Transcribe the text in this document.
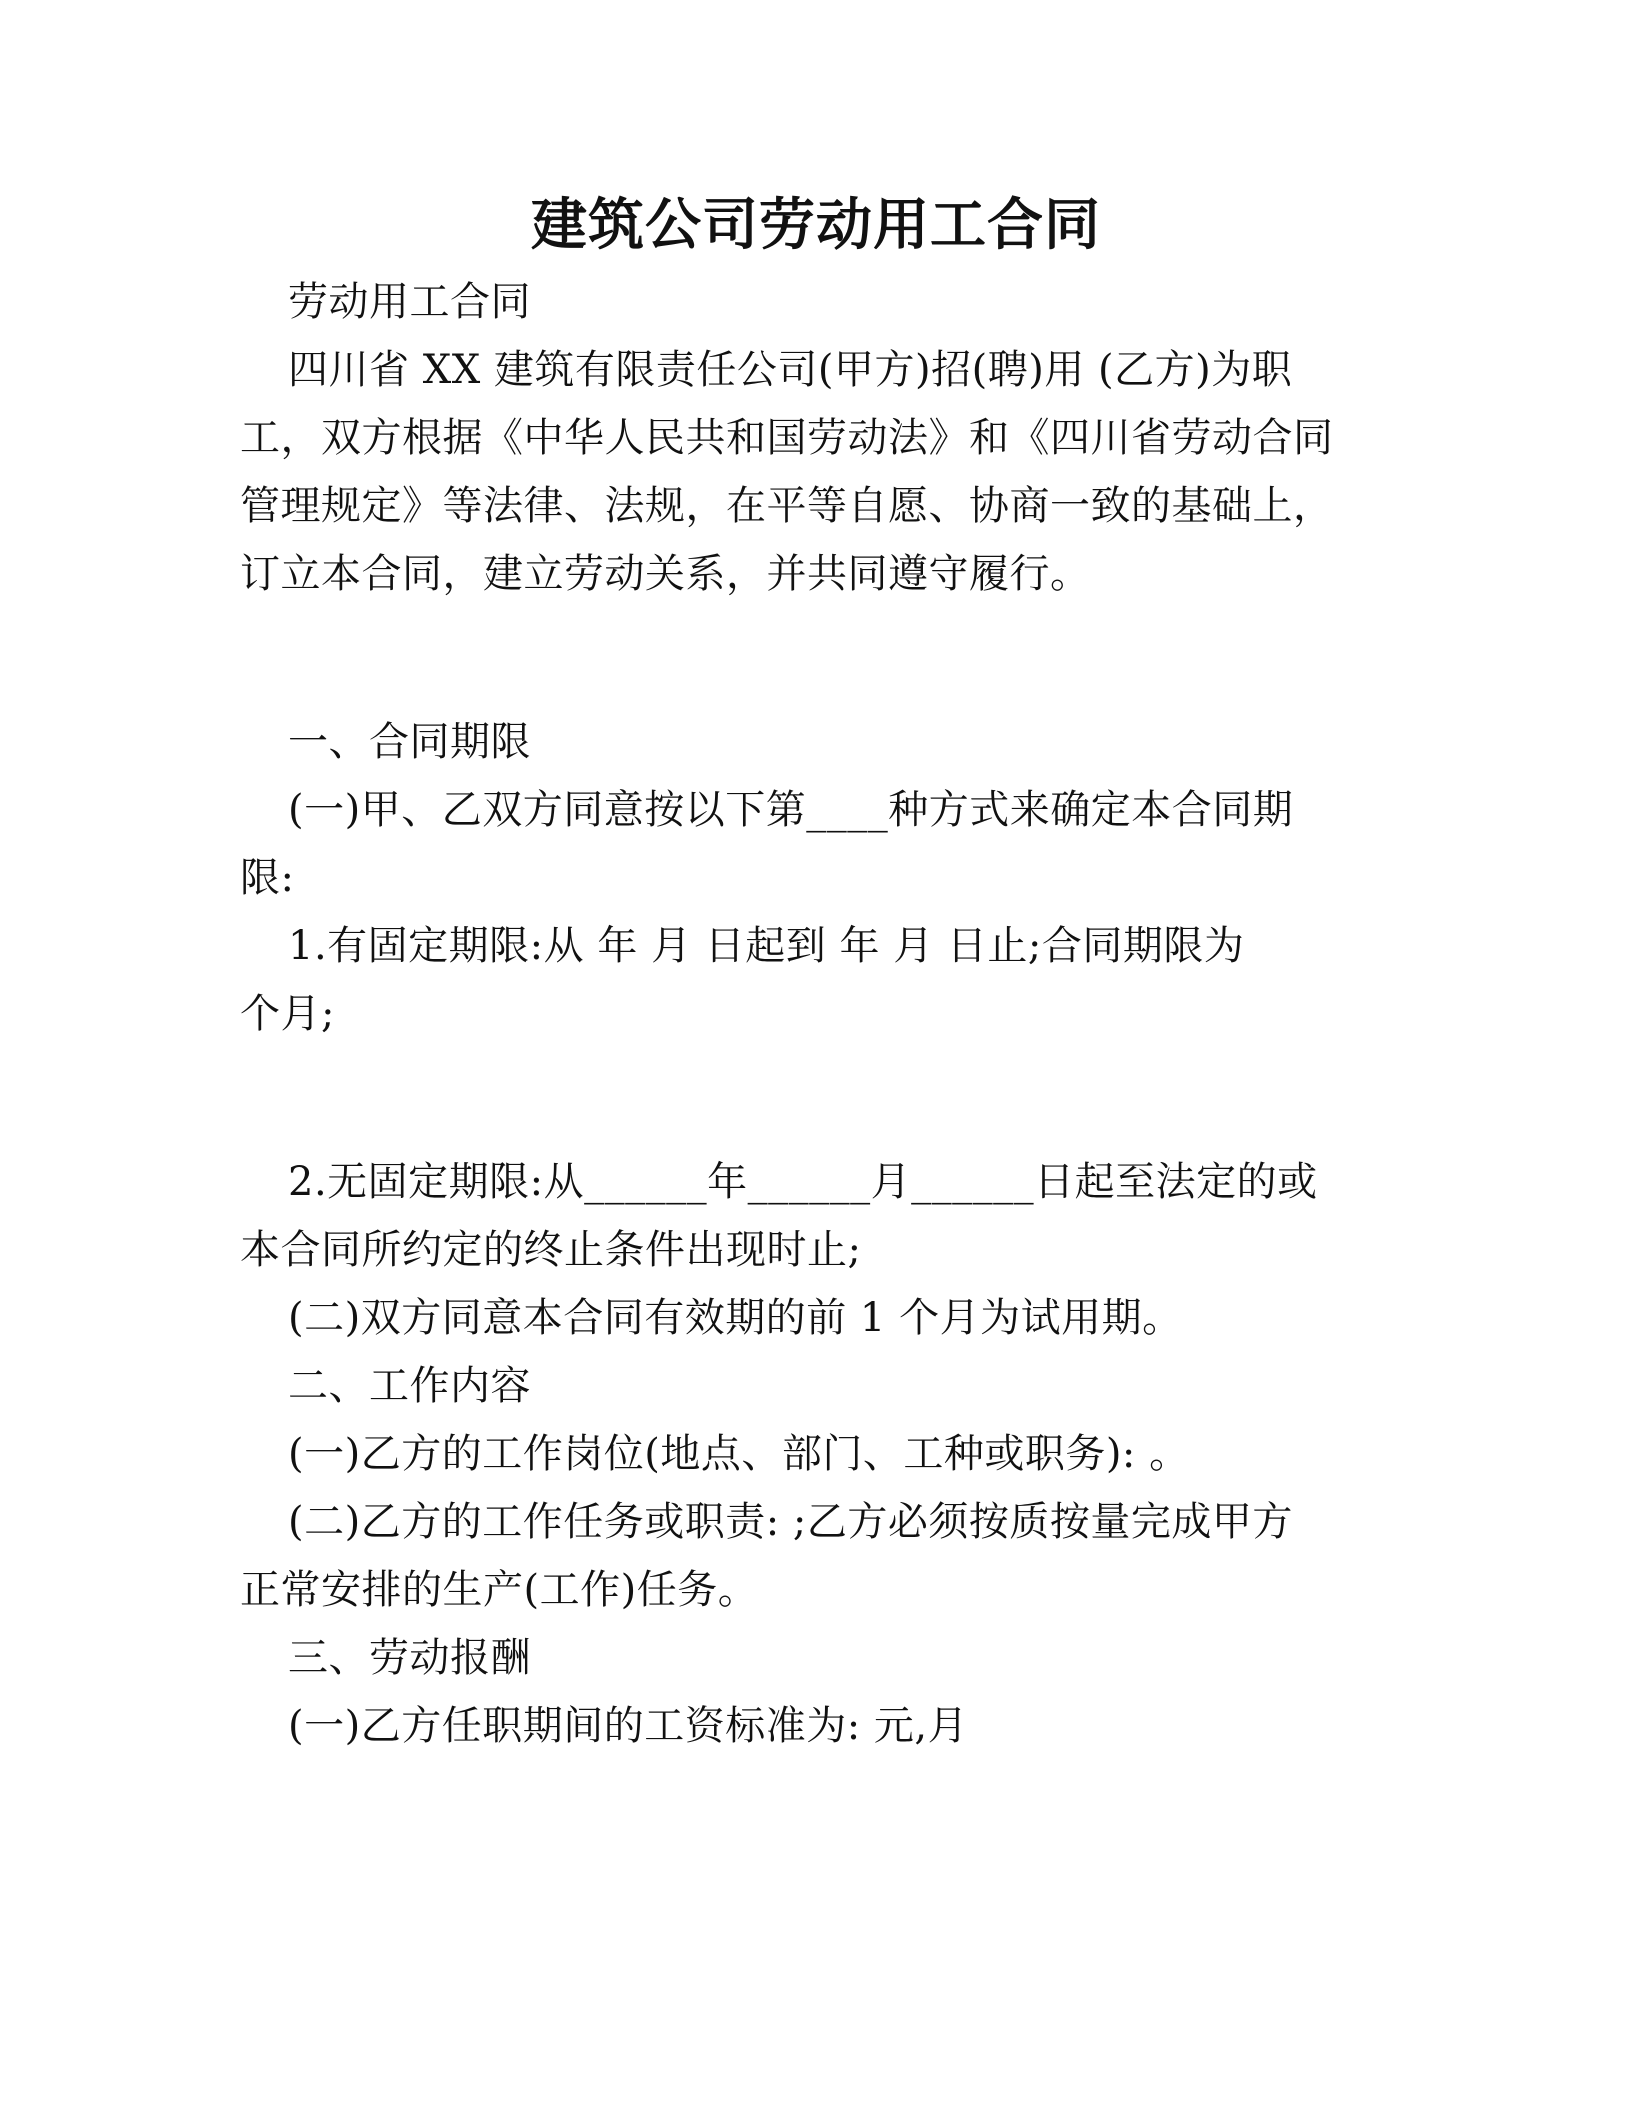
建筑公司劳动用工合同
劳动用工合同
四川省 XX 建筑有限责任公司(甲方)招(聘)用 (乙方)为职
工，双方根据《中华人民共和国劳动法》和《四川省劳动合同
管理规定》等法律、法规，在平等自愿、协商一致的基础上，
订立本合同，建立劳动关系，并共同遵守履行。
一、合同期限
(一)甲、乙双方同意按以下第____种方式来确定本合同期
限:
1.有固定期限:从 年 月 日起到 年 月 日止;合同期限为
个月;
2.无固定期限:从______年______月______日起至法定的或
本合同所约定的终止条件出现时止;
(二)双方同意本合同有效期的前 1 个月为试用期。
二、工作内容
(一)乙方的工作岗位(地点、部门、工种或职务): 。
(二)乙方的工作任务或职责: ;乙方必须按质按量完成甲方
正常安排的生产(工作)任务。
三、劳动报酬
(一)乙方任职期间的工资标准为: 元,月
